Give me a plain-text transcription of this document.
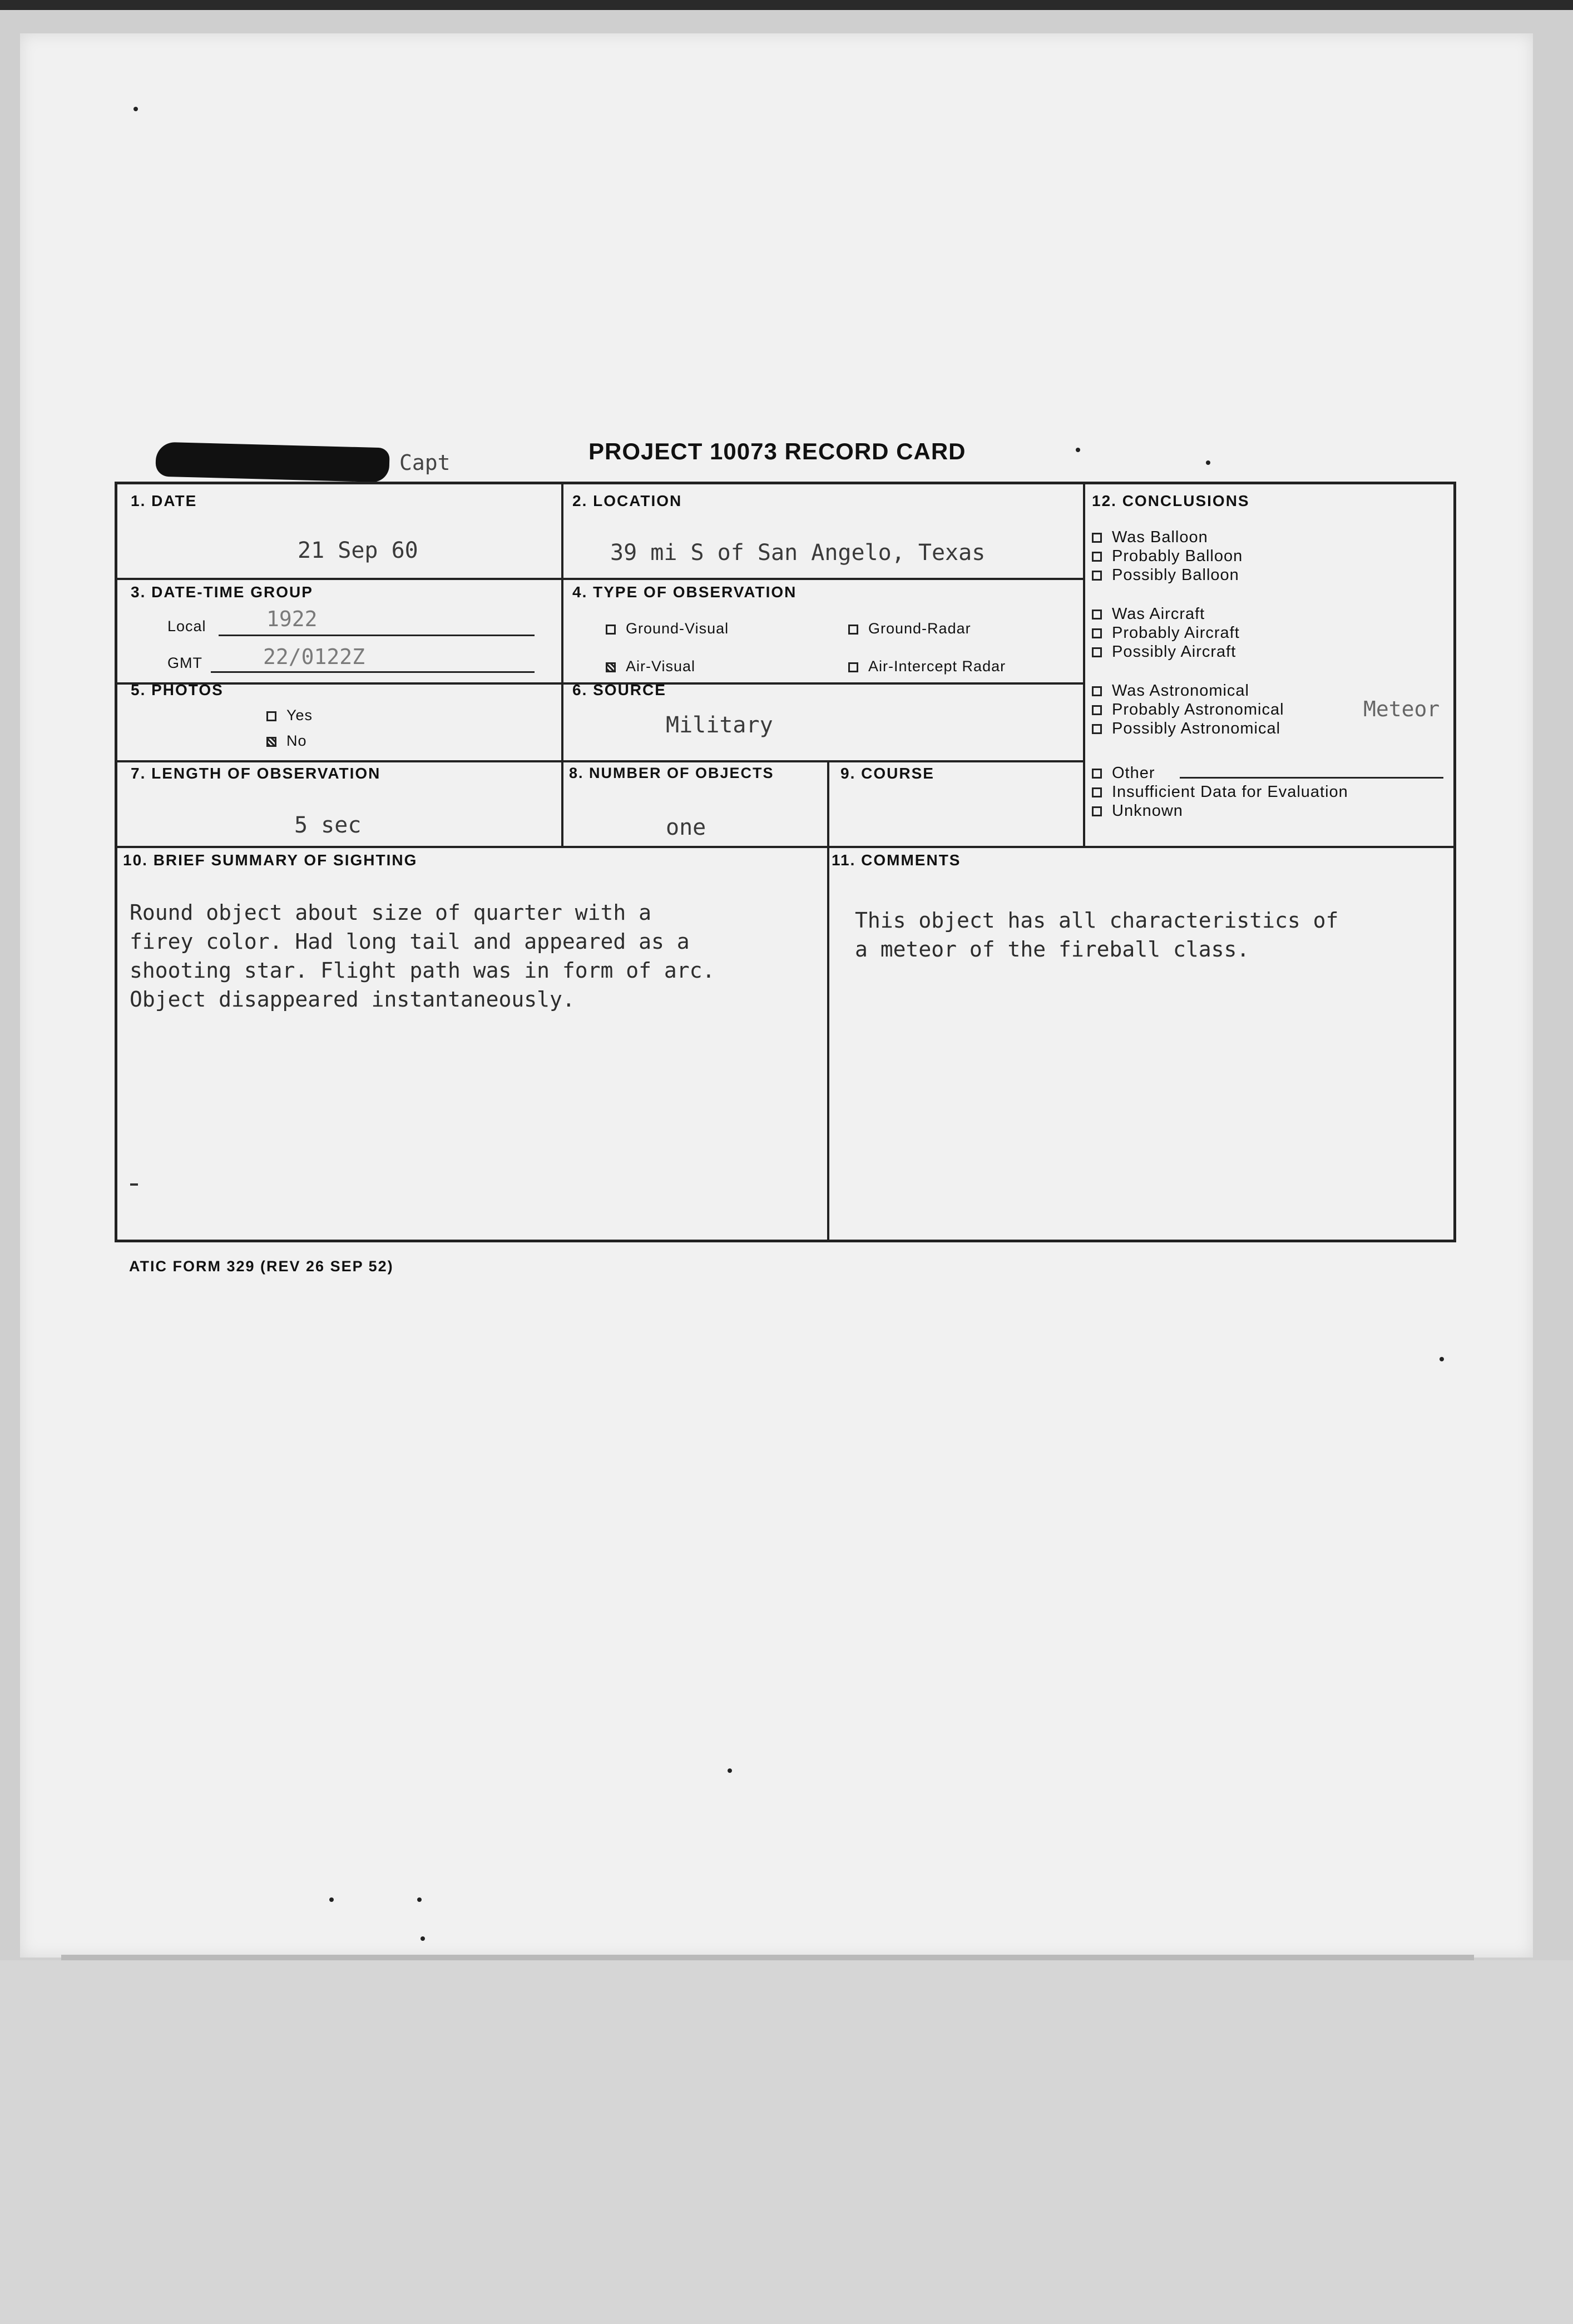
Capt	PROJECT 10073 RECORD CARD
1. DATE
21 Sep 60
2. LOCATION
39 mi S of San Angelo, Texas
3. DATE-TIME GROUP
Local	1922
GMT	22/0122Z
4. TYPE OF OBSERVATION
Ground-Visual	Ground-Radar
Air-Visual	Air-Intercept Radar
5. PHOTOS
Yes
No
6. SOURCE
Military
7. LENGTH OF OBSERVATION
5 sec
8. NUMBER OF OBJECTS
one
9. COURSE
10. BRIEF SUMMARY OF SIGHTING
Round object about size of quarter with a
firey color. Had long tail and appeared as a
shooting star. Flight path was in form of arc.
Object disappeared instantaneously.
11. COMMENTS
This object has all characteristics of
a meteor of the fireball class.
12. CONCLUSIONS
Was Balloon
Probably Balloon
Possibly Balloon
Was Aircraft
Probably Aircraft
Possibly Aircraft
Was Astronomical
Probably Astronomical
Possibly Astronomical
Meteor
Other
Insufficient Data for Evaluation
Unknown
ATIC FORM 329 (REV 26 SEP 52)
